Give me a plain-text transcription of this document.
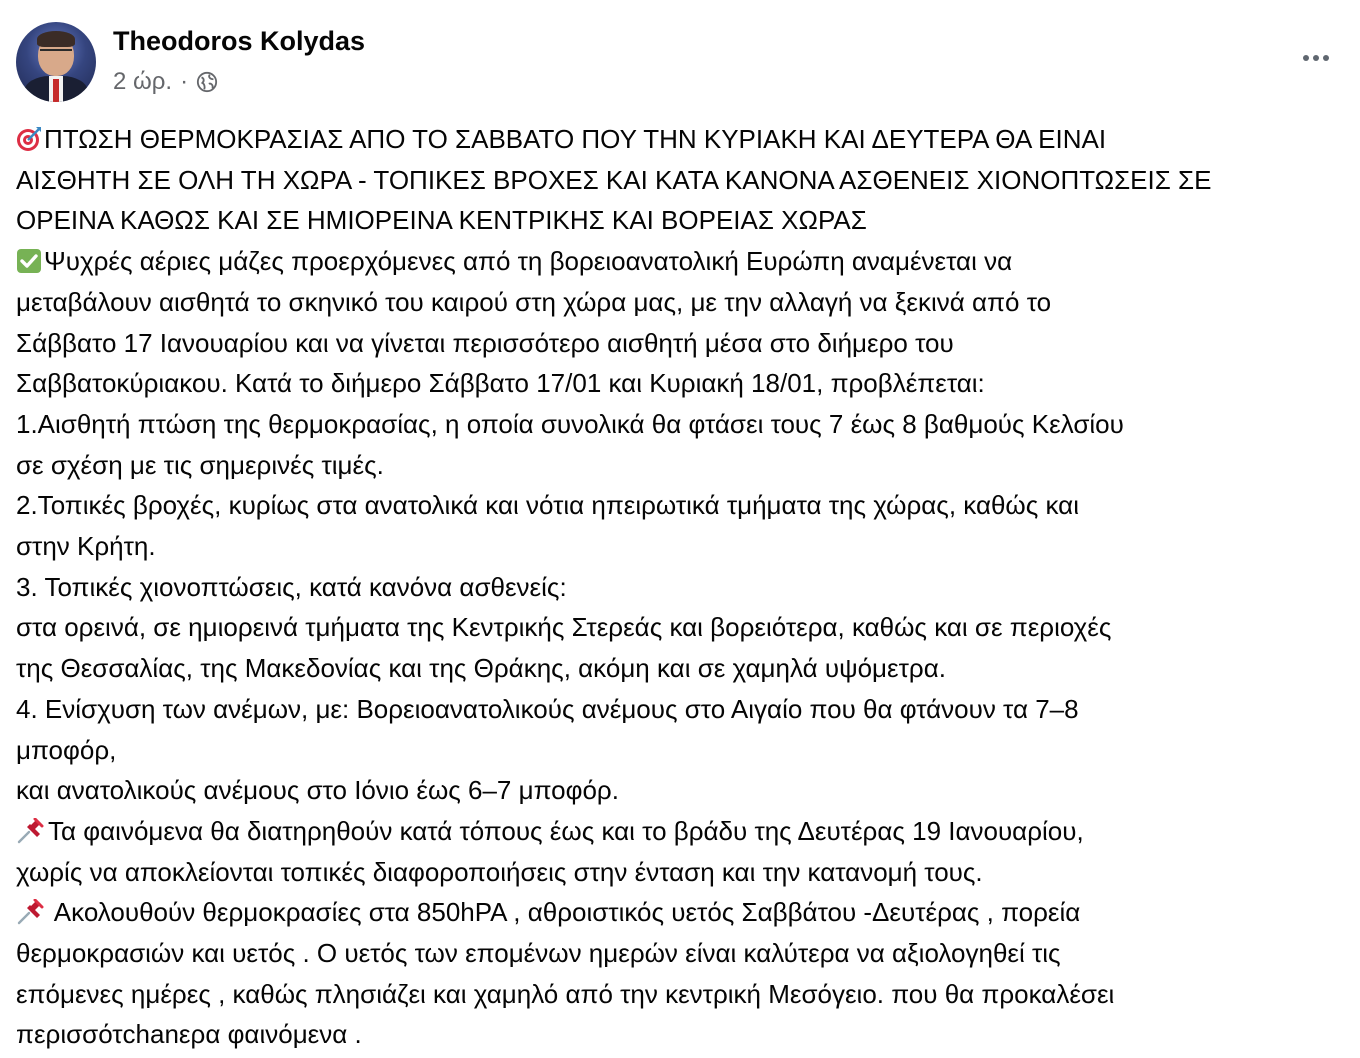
Theodoros Kolydas
2 ώρ. ·

ΠΤΩΣΗ ΘΕΡΜΟΚΡΑΣΙΑΣ ΑΠΟ ΤΟ ΣΑΒΒΑΤΟ ΠΟΥ ΤΗΝ ΚΥΡΙΑΚΗ ΚΑΙ ΔΕΥΤΕΡΑ ΘΑ ΕΙΝΑΙ

ΑΙΣΘΗΤΗ ΣΕ ΟΛΗ ΤΗ ΧΩΡΑ - ΤΟΠΙΚΕΣ ΒΡΟΧΕΣ ΚΑΙ ΚΑΤΑ ΚΑΝΟΝΑ ΑΣΘΕΝΕΙΣ ΧΙΟΝΟΠΤΩΣΕΙΣ ΣΕ

ΟΡΕΙΝΑ ΚΑΘΩΣ ΚΑΙ ΣΕ ΗΜΙΟΡΕΙΝΑ ΚΕΝΤΡΙΚΗΣ ΚΑΙ ΒΟΡΕΙΑΣ ΧΩΡΑΣ

Ψυχρές αέριες μάζες προερχόμενες από τη βορειοανατολική Ευρώπη αναμένεται να

μεταβάλουν αισθητά το σκηνικό του καιρού στη χώρα μας, με την αλλαγή να ξεκινά από το

Σάββατο 17 Ιανουαρίου και να γίνεται περισσότερο αισθητή μέσα στο διήμερο του

Σαββατοκύριακου. Κατά το διήμερο Σάββατο 17/01 και Κυριακή 18/01, προβλέπεται:

1.Αισθητή πτώση της θερμοκρασίας, η οποία συνολικά θα φτάσει τους 7 έως 8 βαθμούς Κελσίου

σε σχέση με τις σημερινές τιμές.

2.Τοπικές βροχές, κυρίως στα ανατολικά και νότια ηπειρωτικά τμήματα της χώρας, καθώς και

στην Κρήτη.

3. Τοπικές χιονοπτώσεις, κατά κανόνα ασθενείς:

στα ορεινά, σε ημιορεινά τμήματα της Κεντρικής Στερεάς και βορειότερα, καθώς και σε περιοχές

της Θεσσαλίας, της Μακεδονίας και της Θράκης, ακόμη και σε χαμηλά υψόμετρα.

4. Ενίσχυση των ανέμων, με: Βορειοανατολικούς ανέμους στο Αιγαίο που θα φτάνουν τα 7–8

μποφόρ,

και ανατολικούς ανέμους στο Ιόνιο έως 6–7 μποφόρ.

Τα φαινόμενα θα διατηρηθούν κατά τόπους έως και το βράδυ της Δευτέρας 19 Ιανουαρίου,

χωρίς να αποκλείονται τοπικές διαφοροποιήσεις στην ένταση και την κατανομή τους.

Ακολουθούν θερμοκρασίες στα 850hPA , αθροιστικός υετός Σαββάτου -Δευτέρας , πορεία

θερμοκρασιών και υετός . Ο υετός των επομένων ημερών είναι καλύτερα να αξιολογηθεί τις

επόμενες ημέρες , καθώς πλησιάζει και χαμηλό από την κεντρική Μεσόγειο. που θα προκαλέσει

περισσότchanερα φαινόμενα .
